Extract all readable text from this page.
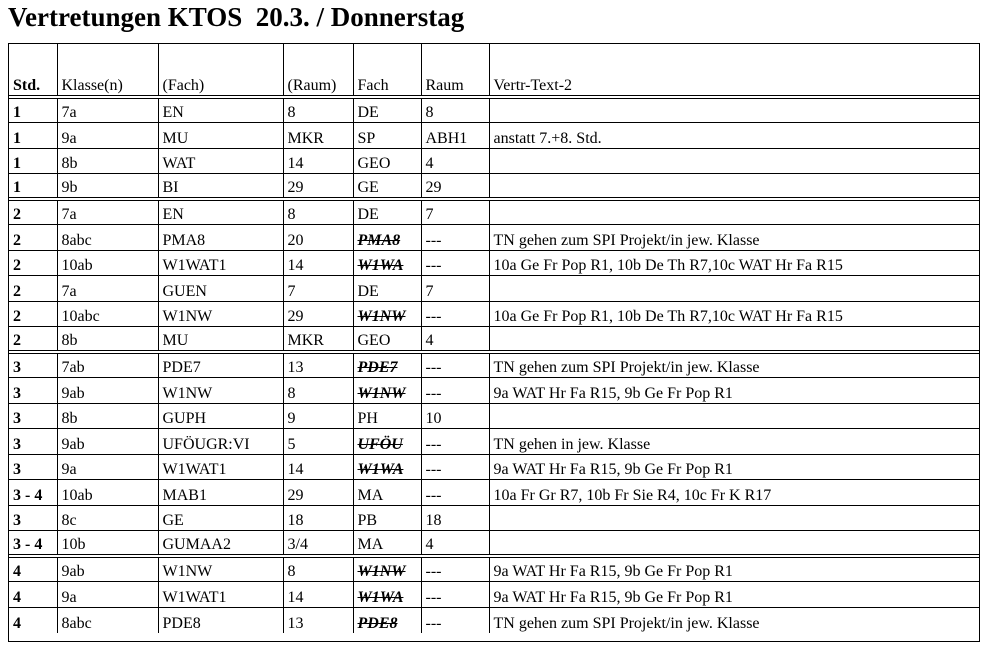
Vertretungen KTOS  20.3. / Donnerstag
Std.	Klasse(n)	(Fach)	(Raum)	Fach	Raum	Vertr-Text-2
1	7a	EN	8	DE	8	
1	9a	MU	MKR	SP	ABH1	anstatt 7.+8. Std.
1	8b	WAT	14	GEO	4	
1	9b	BI	29	GE	29	
2	7a	EN	8	DE	7	
2	8abc	PMA8	20	PMA8	---	TN gehen zum SPI Projekt/in jew. Klasse
2	10ab	W1WAT1	14	W1WA	---	10a Ge Fr Pop R1, 10b De Th R7,10c WAT Hr Fa R15
2	7a	GUEN	7	DE	7	
2	10abc	W1NW	29	W1NW	---	10a Ge Fr Pop R1, 10b De Th R7,10c WAT Hr Fa R15
2	8b	MU	MKR	GEO	4	
3	7ab	PDE7	13	PDE7	---	TN gehen zum SPI Projekt/in jew. Klasse
3	9ab	W1NW	8	W1NW	---	9a WAT Hr Fa R15, 9b Ge Fr Pop R1
3	8b	GUPH	9	PH	10	
3	9ab	UFÖUGR:VI	5	UFÖU	---	TN gehen in jew. Klasse
3	9a	W1WAT1	14	W1WA	---	9a WAT Hr Fa R15, 9b Ge Fr Pop R1
3 - 4	10ab	MAB1	29	MA	---	10a Fr Gr R7, 10b Fr Sie R4, 10c Fr K R17
3	8c	GE	18	PB	18	
3 - 4	10b	GUMAA2	3/4	MA	4	
4	9ab	W1NW	8	W1NW	---	9a WAT Hr Fa R15, 9b Ge Fr Pop R1
4	9a	W1WAT1	14	W1WA	---	9a WAT Hr Fa R15, 9b Ge Fr Pop R1
4	8abc	PDE8	13	PDE8	---	TN gehen zum SPI Projekt/in jew. Klasse
